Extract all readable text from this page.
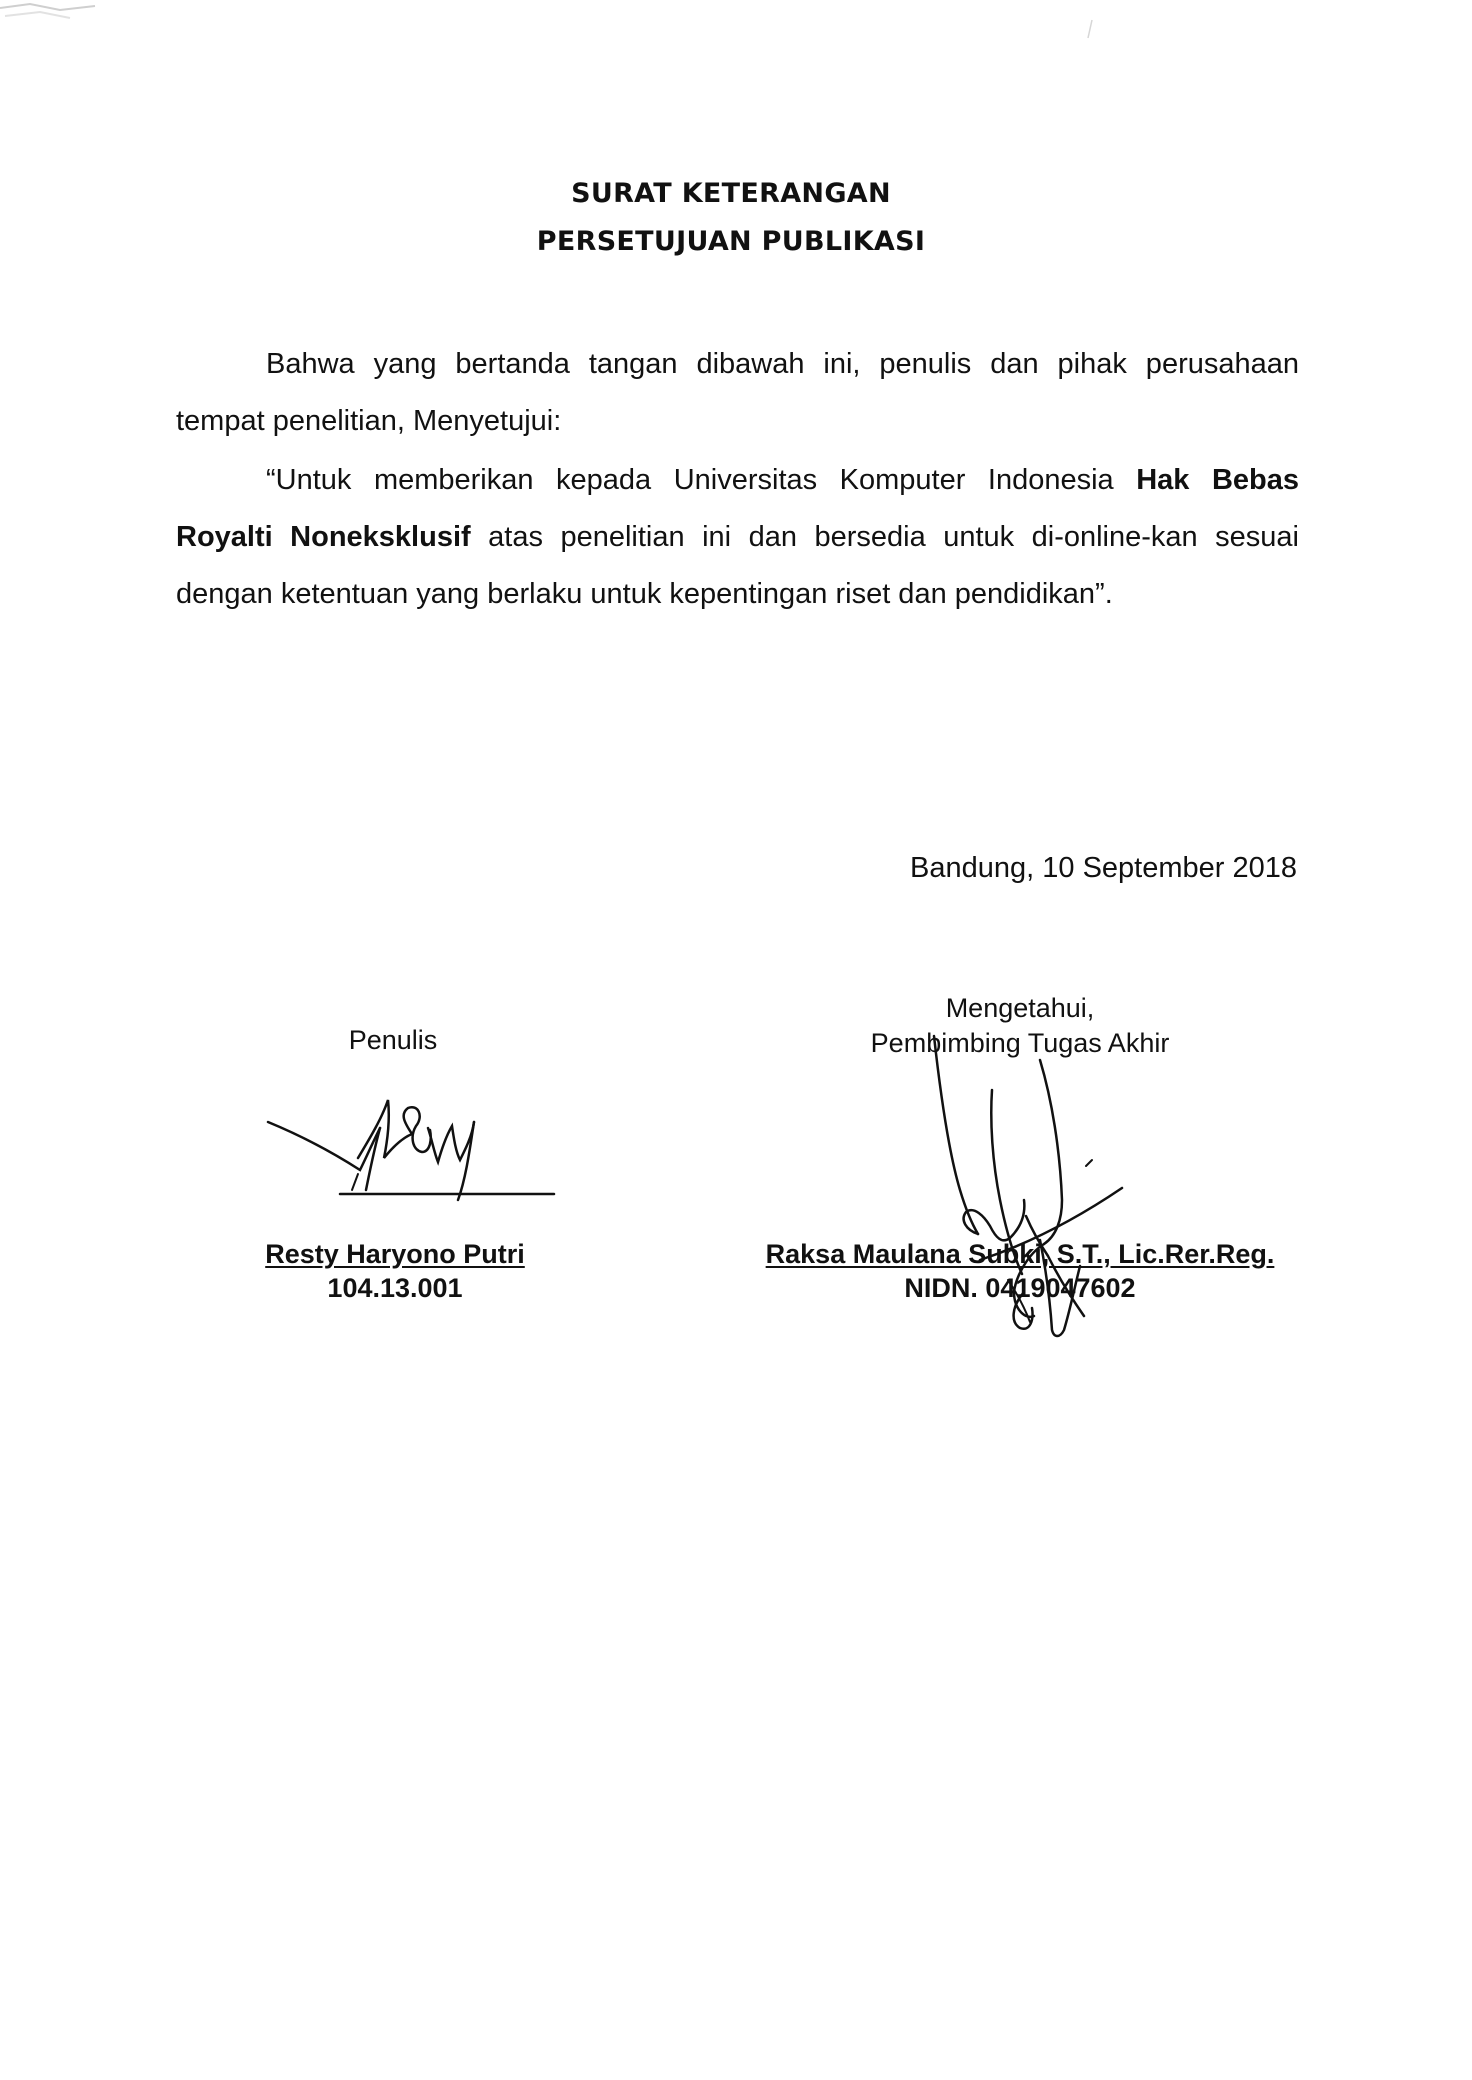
SURAT KETERANGAN
PERSETUJUAN PUBLIKASI
Bahwa yang bertanda tangan dibawah ini, penulis dan pihak perusahaan
tempat penelitian, Menyetujui:
“Untuk memberikan kepada Universitas Komputer Indonesia Hak Bebas
Royalti Noneksklusif atas penelitian ini dan bersedia untuk di-online-kan sesuai
dengan ketentuan yang berlaku untuk kepentingan riset dan pendidikan”.
Bandung, 10 September 2018
Penulis
Resty Haryono Putri
104.13.001
Mengetahui,
Pembimbing Tugas Akhir
Raksa Maulana Subki, S.T., Lic.Rer.Reg.
NIDN. 0419047602
